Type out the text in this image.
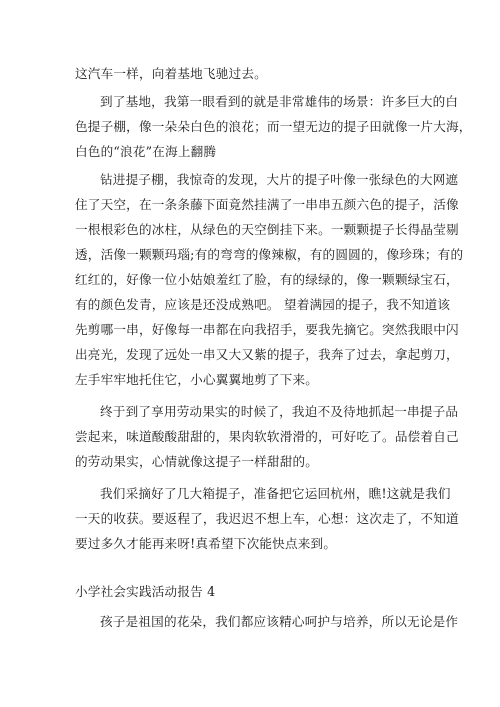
这汽车一样，向着基地飞驰过去。
到了基地，我第一眼看到的就是非常雄伟的场景：许多巨大的白
色提子棚，像一朵朵白色的浪花；而一望无边的提子田就像一片大海，
白色的“浪花”在海上翻腾
钻进提子棚，我惊奇的发现，大片的提子叶像一张绿色的大网遮
住了天空，在一条条藤下面竟然挂满了一串串五颜六色的提子，活像
一根根彩色的冰柱，从绿色的天空倒挂下来。一颗颗提子长得晶莹剔
透，活像一颗颗玛瑙;有的弯弯的像辣椒，有的圆圆的，像珍珠；有的
红红的，好像一位小姑娘羞红了脸，有的绿绿的，像一颗颗绿宝石，
有的颜色发青，应该是还没成熟吧。 望着满园的提子，我不知道该
先剪哪一串，好像每一串都在向我招手，要我先摘它。突然我眼中闪
出亮光，发现了远处一串又大又紫的提子，我奔了过去，拿起剪刀，
左手牢牢地托住它，小心翼翼地剪了下来。
终于到了享用劳动果实的时候了，我迫不及待地抓起一串提子品
尝起来，味道酸酸甜甜的，果肉软软滑滑的，可好吃了。品偿着自己
的劳动果实，心情就像这提子一样甜甜的。
我们采摘好了几大箱提子，准备把它运回杭州，瞧!这就是我们
一天的收获。要返程了，我迟迟不想上车，心想：这次走了，不知道
要过多久才能再来呀!真希望下次能快点来到。
小学社会实践活动报告 4
孩子是祖国的花朵，我们都应该精心呵护与培养，所以无论是作
